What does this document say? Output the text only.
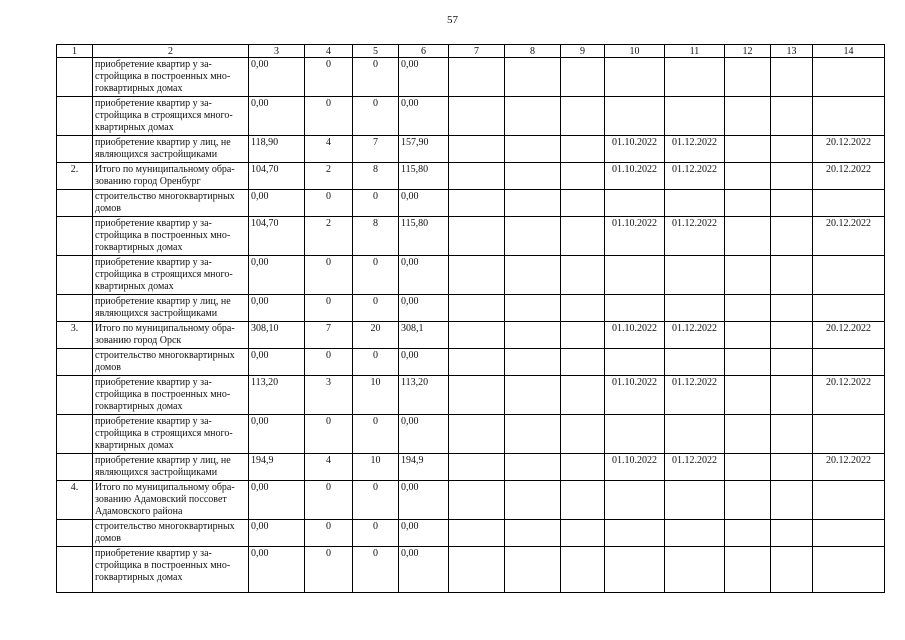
57
1	2	3	4	5	6	7	8	9	10	11	12	13	14
	приобретение квартир у за-стройщика в построенных мно-гоквартирных домах	0,00	0	0	0,00								
	приобретение квартир у за-стройщика в строящихся много-квартирных домах	0,00	0	0	0,00								
	приобретение квартир у лиц, не являющихся застройщиками	118,90	4	7	157,90				01.10.2022	01.12.2022			20.12.2022
2.	Итого по муниципальному обра-зованию город Оренбург	104,70	2	8	115,80				01.10.2022	01.12.2022			20.12.2022
	строительство многоквартирных домов	0,00	0	0	0,00								
	приобретение квартир у за-стройщика в построенных мно-гоквартирных домах	104,70	2	8	115,80				01.10.2022	01.12.2022			20.12.2022
	приобретение квартир у за-стройщика в строящихся много-квартирных домах	0,00	0	0	0,00								
	приобретение квартир у лиц, не являющихся застройщиками	0,00	0	0	0,00								
3.	Итого по муниципальному обра-зованию город Орск	308,10	7	20	308,1				01.10.2022	01.12.2022			20.12.2022
	строительство многоквартирных домов	0,00	0	0	0,00								
	приобретение квартир у за-стройщика в построенных мно-гоквартирных домах	113,20	3	10	113,20				01.10.2022	01.12.2022			20.12.2022
	приобретение квартир у за-стройщика в строящихся много-квартирных домах	0,00	0	0	0,00								
	приобретение квартир у лиц, не являющихся застройщиками	194,9	4	10	194,9				01.10.2022	01.12.2022			20.12.2022
4.	Итого по муниципальному обра-зованию Адамовский поссовет Адамовского района	0,00	0	0	0,00								
	строительство многоквартирных домов	0,00	0	0	0,00								
	приобретение квартир у за-стройщика в построенных мно-гоквартирных домах	0,00	0	0	0,00								
